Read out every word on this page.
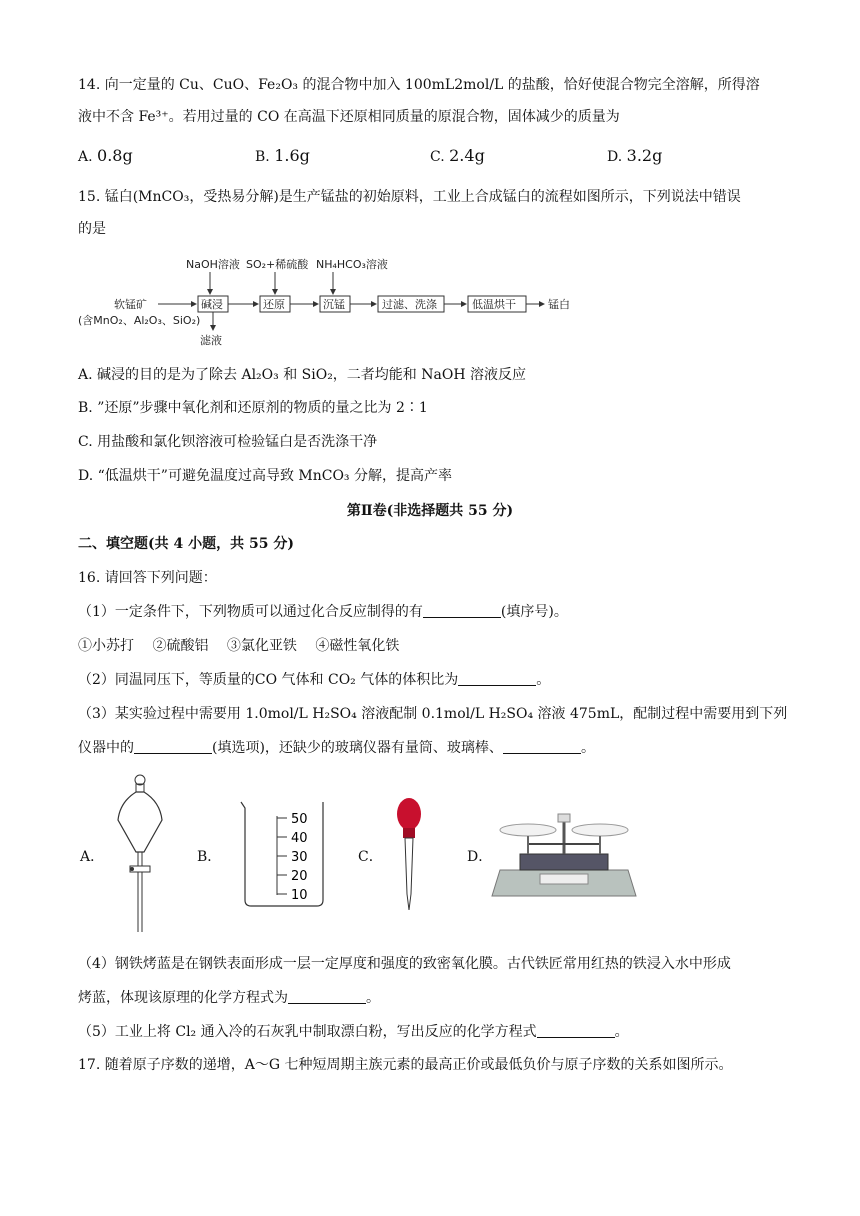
14. 向一定量的 Cu、CuO、Fe₂O₃ 的混合物中加入 100mL2mol/L 的盐酸，恰好使混合物完全溶解，所得溶
液中不含 Fe³⁺。若用过量的 CO 在高温下还原相同质量的原混合物，固体减少的质量为
A. 0.8g	B. 1.6g	C. 2.4g	D. 3.2g
15. 锰白(MnCO₃，受热易分解)是生产锰盐的初始原料，工业上合成锰白的流程如图所示，下列说法中错误
的是
NaOH溶液 SO₂+稀硫酸 NH₄HCO₃溶液
软锰矿
(含MnO₂、Al₂O₃、SiO₂)
碱浸	还原	沉锰	过滤、洗涤	低温烘干	锰白
滤液
A. 碱浸的目的是为了除去 Al₂O₃ 和 SiO₂，二者均能和 NaOH 溶液反应
B. ”还原”步骤中氧化剂和还原剂的物质的量之比为 2∶1
C. 用盐酸和氯化钡溶液可检验锰白是否洗涤干净
D. “低温烘干”可避免温度过高导致 MnCO₃ 分解，提高产率
第Ⅱ卷(非选择题共 55 分)
二、填空题(共 4 小题，共 55 分)
16. 请回答下列问题：
（1）一定条件下，下列物质可以通过化合反应制得的有	(填序号)。
①小苏打　 ②硫酸铝　 ③氯化亚铁　 ④磁性氧化铁
（2）同温同压下，等质量的CO 气体和 CO₂ 气体的体积比为	。
（3）某实验过程中需要用 1.0mol/L H₂SO₄ 溶液配制 0.1mol/L H₂SO₄ 溶液 475mL，配制过程中需要用到下列
仪器中的	(填选项)，还缺少的玻璃仪器有量筒、玻璃棒、	。
A．	B．
50
40
30
20
10
C．	D．
（4）钢铁烤蓝是在钢铁表面形成一层一定厚度和强度的致密氧化膜。古代铁匠常用红热的铁浸入水中形成
烤蓝，体现该原理的化学方程式为	。
（5）工业上将 Cl₂ 通入冷的石灰乳中制取漂白粉，写出反应的化学方程式	。
17. 随着原子序数的递增，A～G 七种短周期主族元素的最高正价或最低负价与原子序数的关系如图所示。
